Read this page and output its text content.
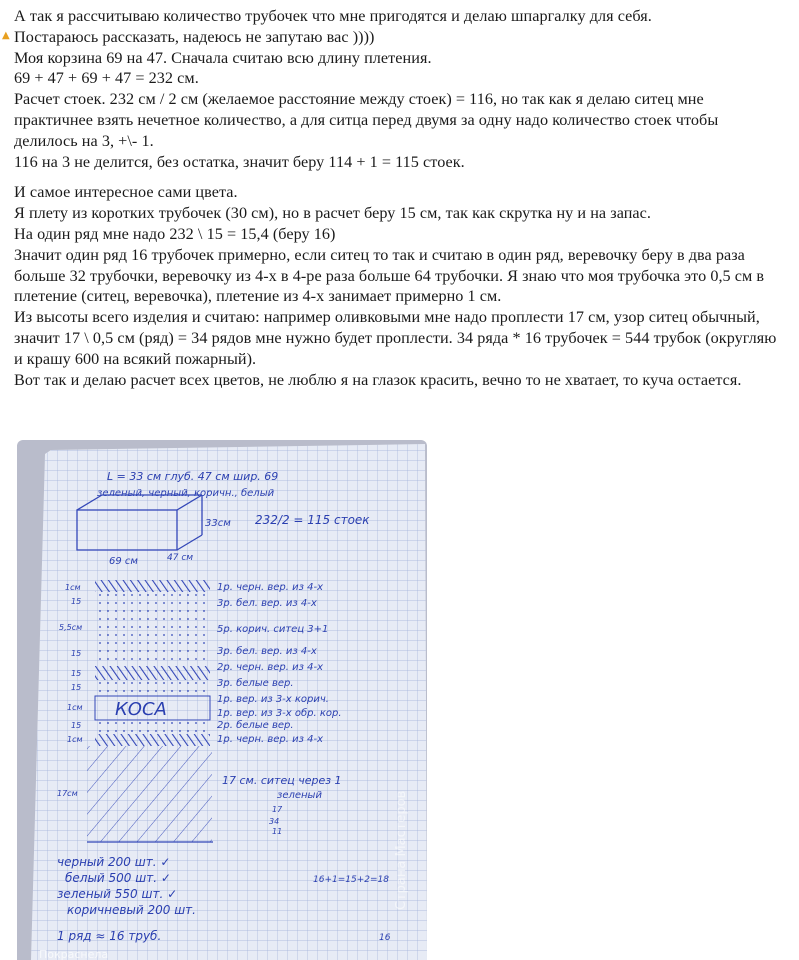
▲

А так я рассчитываю количество трубочек что мне пригодятся и делаю шпаргалку для себя.

Постараюсь рассказать, надеюсь не запутаю вас ))))

Моя корзина 69 на 47. Сначала считаю всю длину плетения.

69 + 47 + 69 + 47 = 232 см.

Расчет стоек. 232 см / 2 см (желаемое расстояние между стоек) = 116, но так как я делаю ситец мне практичнее взять нечетное количество, а для ситца перед двумя за одну надо количество стоек чтобы делилось на 3, +\- 1.

116 на 3 не делится, без остатка, значит беру 114 + 1 = 115 стоек.

И самое интересное сами цвета.

Я плету из коротких трубочек (30 см), но в расчет беру 15 см, так как скрутка ну и на запас.

На один ряд мне надо 232 \ 15 = 15,4 (беру 16)

Значит один ряд 16 трубочек примерно, если ситец то так и считаю в один ряд, веревочку беру в два раза больше 32 трубочки, веревочку из 4-х в 4-ре раза больше 64 трубочки. Я знаю что моя трубочка это 0,5 см в плетение (ситец, веревочка), плетение из 4-х занимает примерно 1 см.

Из высоты всего изделия и считаю: например оливковыми мне надо проплести 17 см, узор ситец обычный, значит 17 \ 0,5 см (ряд) = 34 рядов мне нужно будет проплести. 34 ряда * 16 трубочек = 544 трубок (округляю и крашу 600 на всякий пожарный).

Вот так и делаю расчет всех цветов, не люблю я на глазок красить, вечно то не хватает, то куча остается.

L = 33 см глуб. 47 см шир. 69
зеленый, черный, коричн., белый
33см
69 см	47 см
232/2 = 115 стоек
КОСА
1см
15
5,5см
15
15
15
1см
15
1см
17см
1р. черн. вер. из 4-х
3р. бел. вер. из 4-х
5р. корич. ситец 3+1
3р. бел. вер. из 4-х
2р. черн. вер. из 4-х
3р. белые вер.
1р. вер. из 3-х корич.
1р. вер. из 3-х обр. кор.
2р. белые вер.
1р. черн. вер. из 4-х
17 см. ситец через 1
зеленый
17
34
11
черный 200 шт. ✓
белый 500 шт. ✓
зеленый 550 шт. ✓
коричневый 200 шт.
16+1=15+2=18
1 ряд ≈ 16 труб.	16
Страна Мастеров
Покраснела
